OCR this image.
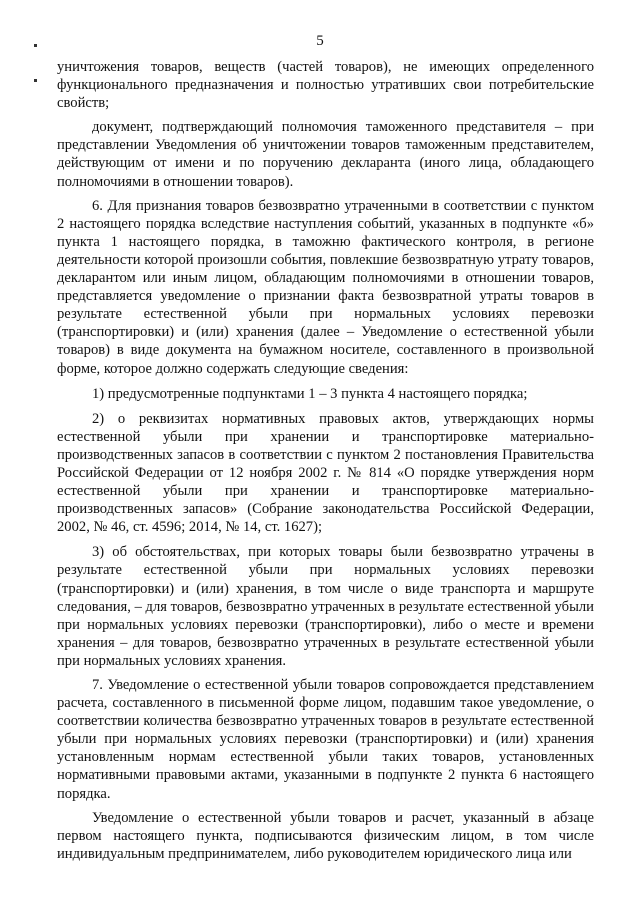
5

уничтожения товаров, веществ (частей товаров), не имеющих определенного функционального предназначения и полностью утративших свои потребительские свойств;

документ, подтверждающий полномочия таможенного представителя – при представлении Уведомления об уничтожении товаров таможенным представителем, действующим от имени и по поручению декларанта (иного лица, обладающего полномочиями в отношении товаров).

6. Для признания товаров безвозвратно утраченными в соответствии с пунктом 2 настоящего порядка вследствие наступления событий, указанных в подпункте «б» пункта 1 настоящего порядка, в таможню фактического контроля, в регионе деятельности которой произошли события, повлекшие безвозвратную утрату товаров, декларантом или иным лицом, обладающим полномочиями в отношении товаров, представляется уведомление о признании факта безвозвратной утраты товаров в результате естественной убыли при нормальных условиях перевозки (транспортировки) и (или) хранения (далее – Уведомление о естественной убыли товаров) в виде документа на бумажном носителе, составленного в произвольной форме, которое должно содержать следующие сведения:

1) предусмотренные подпунктами 1 – 3 пункта 4 настоящего порядка;

2) о реквизитах нормативных правовых актов, утверждающих нормы естественной убыли при хранении и транспортировке материально-производственных запасов в соответствии с пунктом 2 постановления Правительства Российской Федерации от 12 ноября 2002 г. № 814 «О порядке утверждения норм естественной убыли при хранении и транспортировке материально-производственных запасов» (Собрание законодательства Российской Федерации, 2002, № 46, ст. 4596; 2014, № 14, ст. 1627);

3) об обстоятельствах, при которых товары были безвозвратно утрачены в результате естественной убыли при нормальных условиях перевозки (транспортировки) и (или) хранения, в том числе о виде транспорта и маршруте следования, – для товаров, безвозвратно утраченных в результате естественной убыли при нормальных условиях перевозки (транспортировки), либо о месте и времени хранения – для товаров, безвозвратно утраченных в результате естественной убыли при нормальных условиях хранения.

7. Уведомление о естественной убыли товаров сопровождается представлением расчета, составленного в письменной форме лицом, подавшим такое уведомление, о соответствии количества безвозвратно утраченных товаров в результате естественной убыли при нормальных условиях перевозки (транспортировки) и (или) хранения установленным нормам естественной убыли таких товаров, установленных нормативными правовыми актами, указанными в подпункте 2 пункта 6 настоящего порядка.

Уведомление о естественной убыли товаров и расчет, указанный в абзаце первом настоящего пункта, подписываются физическим лицом, в том числе индивидуальным предпринимателем, либо руководителем юридического лица или
